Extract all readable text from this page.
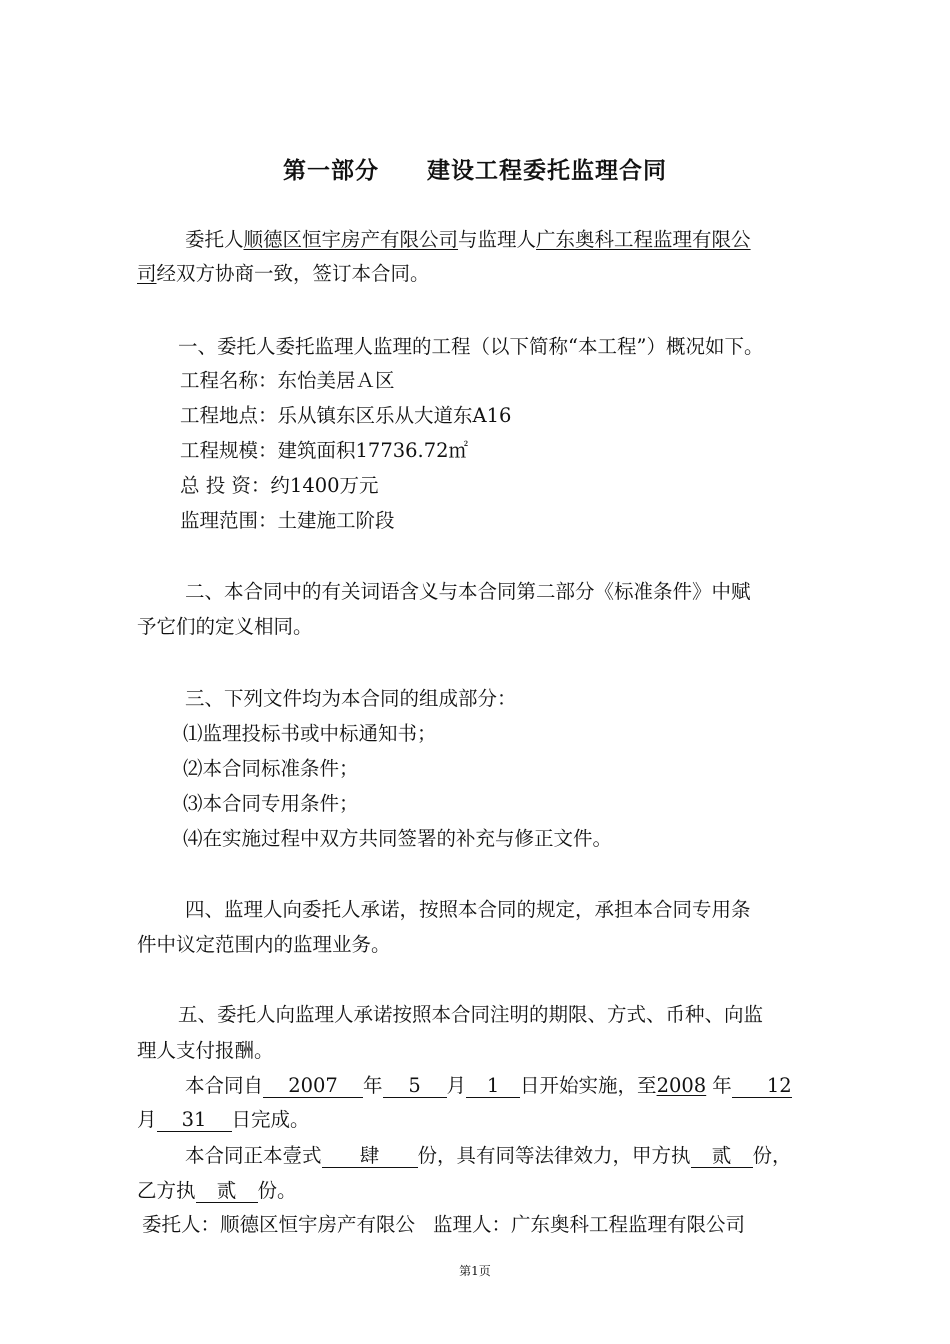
第一部分 建设工程委托监理合同
委托人顺德区恒宇房产有限公司与监理人广东奥科工程监理有限公
司经双方协商一致，签订本合同。
一、委托人委托监理人监理的工程（以下简称“本工程”）概况如下。
工程名称：东怡美居Ａ区
工程地点：乐从镇东区乐从大道东A16
工程规模：建筑面积17736.72㎡
总 投 资：约1400万元
监理范围：土建施工阶段
二、本合同中的有关词语含义与本合同第二部分《标准条件》中赋
予它们的定义相同。
三、下列文件均为本合同的组成部分：
⑴监理投标书或中标通知书；
⑵本合同标准条件；
⑶本合同专用条件；
⑷在实施过程中双方共同签署的补充与修正文件。
四、监理人向委托人承诺，按照本合同的规定，承担本合同专用条
件中议定范围内的监理业务。
五、委托人向监理人承诺按照本合同注明的期限、方式、币种、向监
理人支付报酬。
本合同自 2007 年 5 月 1 日开始实施，至2008 年 12
月 31 日完成。
本合同正本壹式 肆 份，具有同等法律效力，甲方执 贰 份，
乙方执 贰 份。
委托人：顺德区恒宇房产有限公 监理人：广东奥科工程监理有限公司
第1页
